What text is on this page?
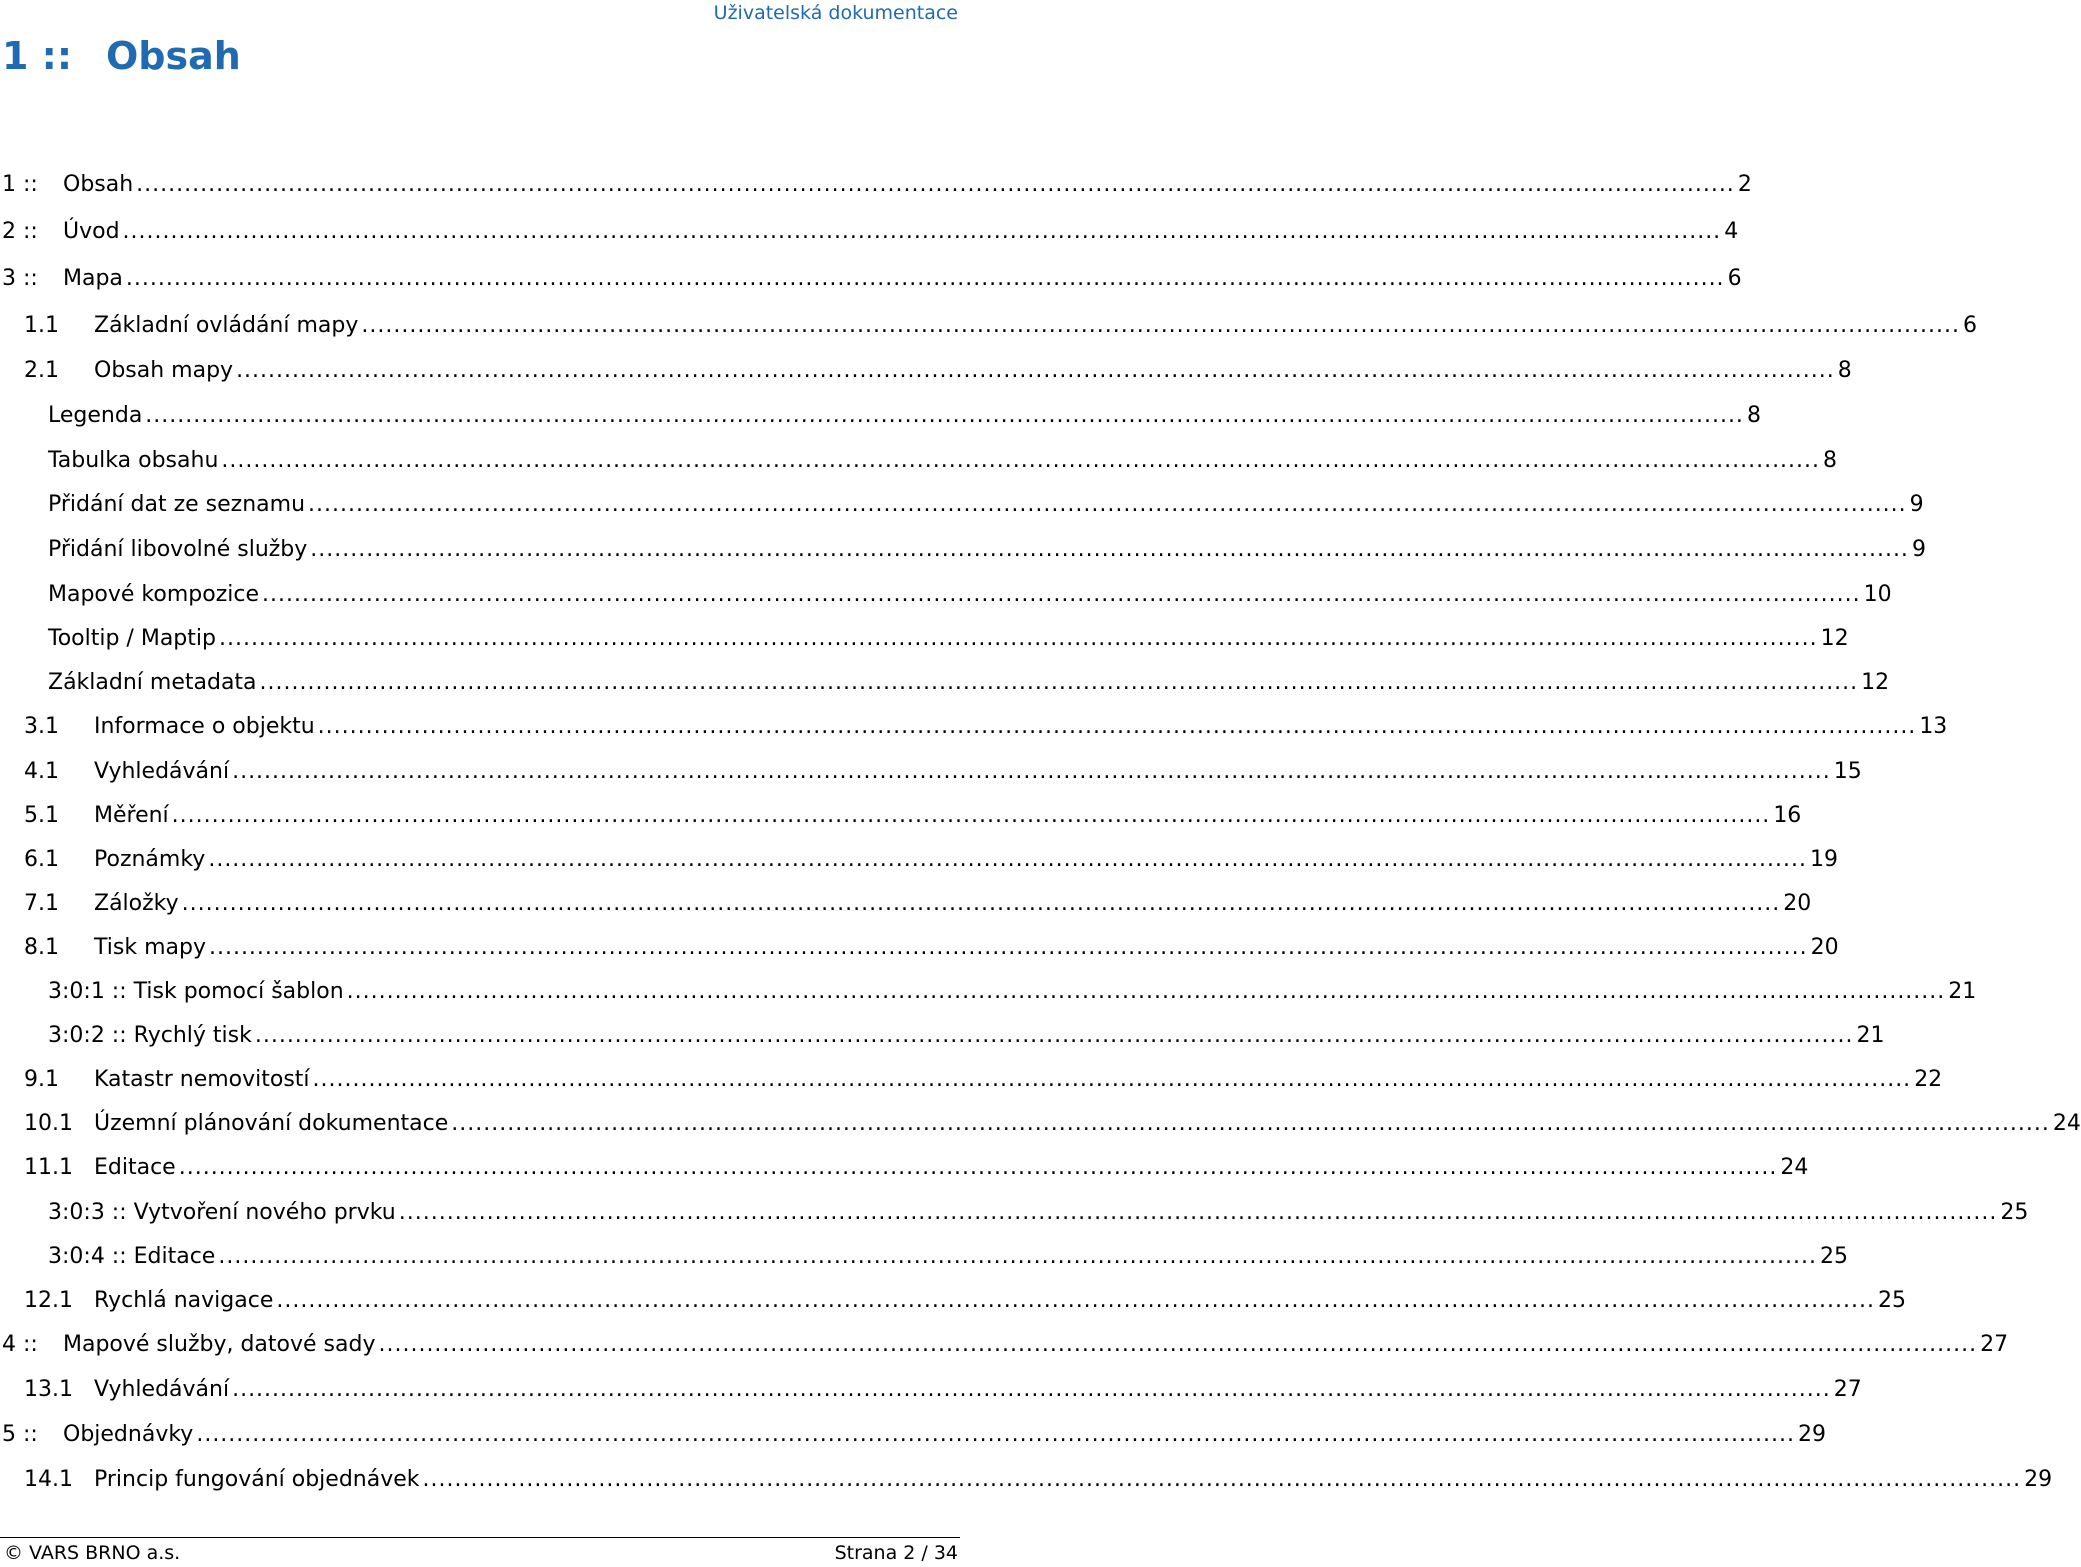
Uživatelská dokumentace
1 :: Obsah
1 ::	Obsah ........................................................................................................................................................................................................ 2
2 ::	Úvod ........................................................................................................................................................................................................ 4
3 ::	Mapa ........................................................................................................................................................................................................ 6
1.1	Základní ovládání mapy ........................................................................................................................................................................................................ 6
2.1	Obsah mapy ........................................................................................................................................................................................................ 8
Legenda ........................................................................................................................................................................................................ 8
Tabulka obsahu ........................................................................................................................................................................................................ 8
Přidání dat ze seznamu ........................................................................................................................................................................................................ 9
Přidání libovolné služby ........................................................................................................................................................................................................ 9
Mapové kompozice ........................................................................................................................................................................................................ 10
Tooltip / Maptip ........................................................................................................................................................................................................ 12
Základní metadata ........................................................................................................................................................................................................ 12
3.1	Informace o objektu ........................................................................................................................................................................................................ 13
4.1	Vyhledávání ........................................................................................................................................................................................................ 15
5.1	Měření ........................................................................................................................................................................................................ 16
6.1	Poznámky ........................................................................................................................................................................................................ 19
7.1	Záložky ........................................................................................................................................................................................................ 20
8.1	Tisk mapy ........................................................................................................................................................................................................ 20
3:0:1 :: Tisk pomocí šablon ........................................................................................................................................................................................................ 21
3:0:2 :: Rychlý tisk ........................................................................................................................................................................................................ 21
9.1	Katastr nemovitostí ........................................................................................................................................................................................................ 22
10.1 Územní plánování dokumentace ........................................................................................................................................................................................................ 24
11.1 Editace ........................................................................................................................................................................................................ 24
3:0:3 :: Vytvoření nového prvku ........................................................................................................................................................................................................ 25
3:0:4 :: Editace ........................................................................................................................................................................................................ 25
12.1 Rychlá navigace ........................................................................................................................................................................................................ 25
4 ::	Mapové služby, datové sady ........................................................................................................................................................................................................ 27
13.1 Vyhledávání ........................................................................................................................................................................................................ 27
5 ::	Objednávky ........................................................................................................................................................................................................ 29
14.1 Princip fungování objednávek ........................................................................................................................................................................................................ 29
© VARS BRNO a.s.	Strana 2 / 34
